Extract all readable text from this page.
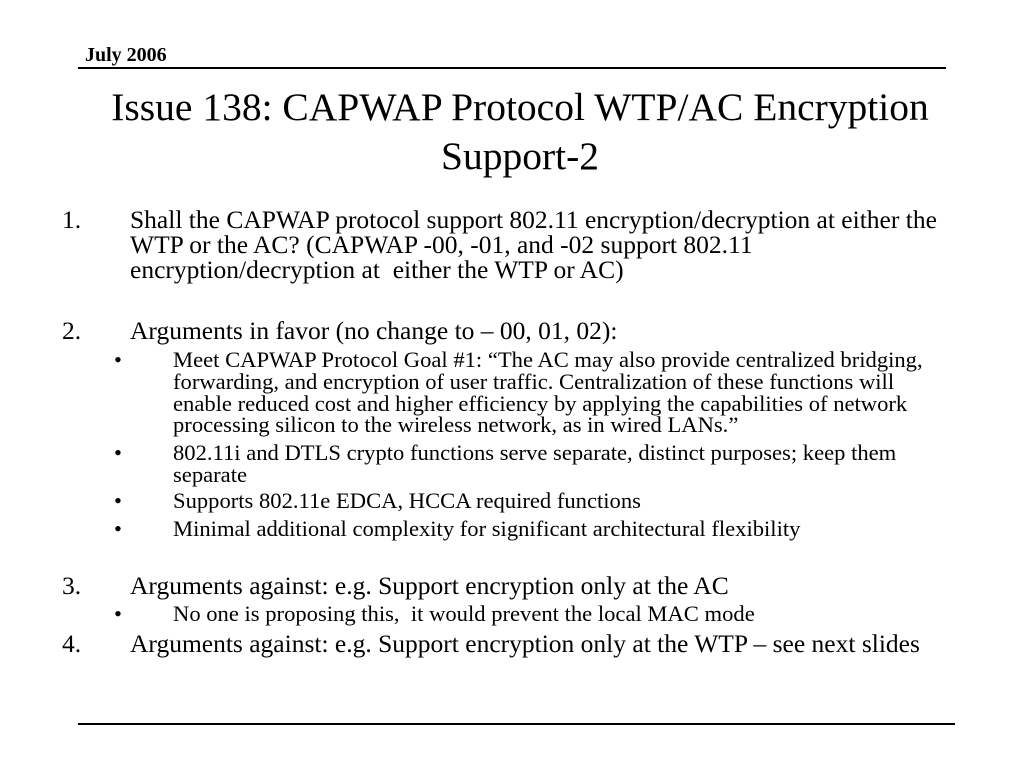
July 2006
Issue 138: CAPWAP Protocol WTP/AC Encryption
Support-2
1. Shall the CAPWAP protocol support 802.11 encryption/decryption at either the
WTP or the AC? (CAPWAP -00, -01, and -02 support 802.11
encryption/decryption at  either the WTP or AC)
2. Arguments in favor (no change to – 00, 01, 02):
• Meet CAPWAP Protocol Goal #1: “The AC may also provide centralized bridging,
forwarding, and encryption of user traffic. Centralization of these functions will
enable reduced cost and higher efficiency by applying the capabilities of network
processing silicon to the wireless network, as in wired LANs.”
• 802.11i and DTLS crypto functions serve separate, distinct purposes; keep them
separate
• Supports 802.11e EDCA, HCCA required functions
• Minimal additional complexity for significant architectural flexibility
3. Arguments against: e.g. Support encryption only at the AC
• No one is proposing this,  it would prevent the local MAC mode
4. Arguments against: e.g. Support encryption only at the WTP – see next slides
